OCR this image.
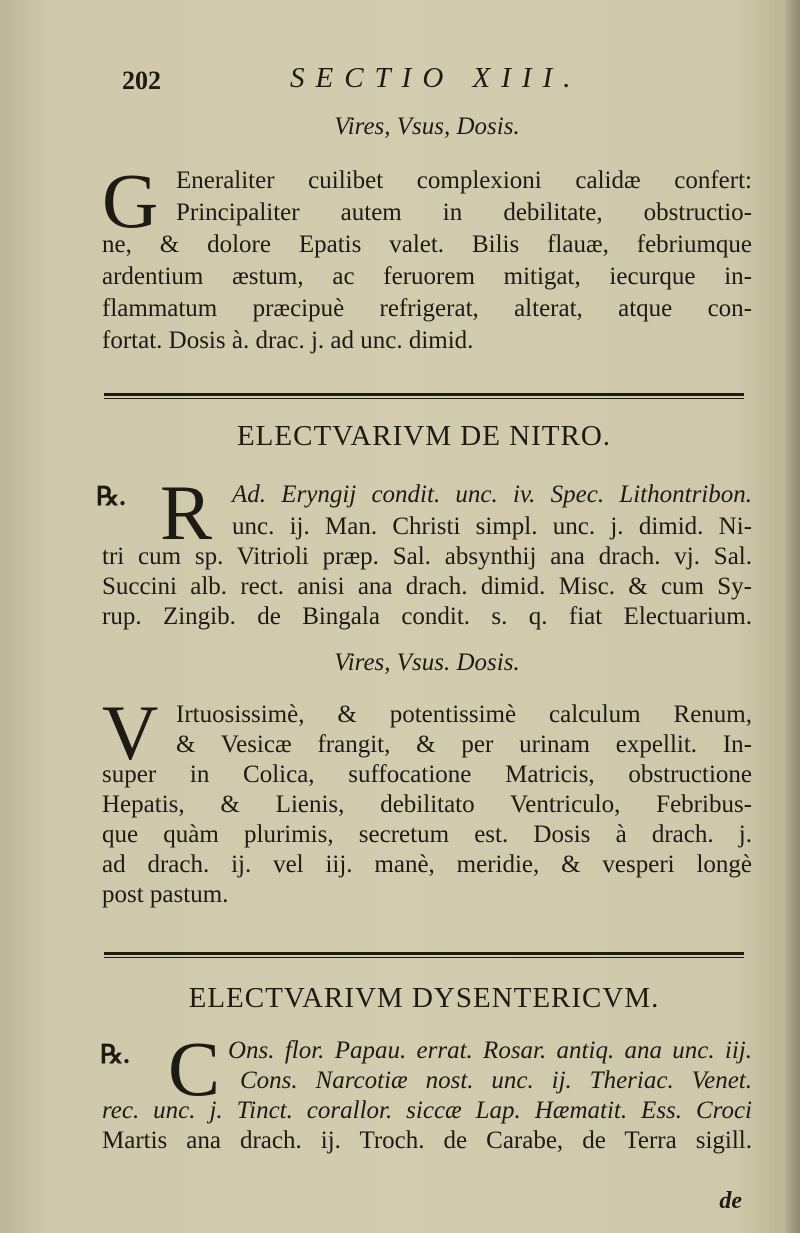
202	SECTIO XIII.
Vires, Vsus, Dosis.
G Eneraliter cuilibet complexioni calidæ confert:
Principaliter autem in debilitate, obstructio-
ne, & dolore Epatis valet. Bilis flauæ, febriumque
ardentium æstum, ac feruorem mitigat, iecurque in-
flammatum præcipuè refrigerat, alterat, atque con-
fortat. Dosis à. drac. j. ad unc. dimid.
ELECTVARIVM DE NITRO.
℞. R Ad. Eryngij condit. unc. iv. Spec. Lithontribon.
unc. ij. Man. Christi simpl. unc. j. dimid. Ni-
tri cum sp. Vitrioli præp. Sal. absynthij ana drach. vj. Sal.
Succini alb. rect. anisi ana drach. dimid. Misc. & cum Sy-
rup. Zingib. de Bingala condit. s. q. fiat Electuarium.
Vires, Vsus. Dosis.
V Irtuosissimè, & potentissimè calculum Renum,
& Vesicæ frangit, & per urinam expellit. In-
super in Colica, suffocatione Matricis, obstructione
Hepatis, & Lienis, debilitato Ventriculo, Febribus-
que quàm plurimis, secretum est. Dosis à drach. j.
ad drach. ij. vel iij. manè, meridie, & vesperi longè
post pastum.
ELECTVARIVM DYSENTERICVM.
℞. C Ons. flor. Papau. errat. Rosar. antiq. ana unc. iij.
Cons. Narcotiæ nost. unc. ij. Theriac. Venet.
rec. unc. j. Tinct. corallor. siccæ Lap. Hæmatit. Ess. Croci
Martis ana drach. ij. Troch. de Carabe, de Terra sigill.
de
